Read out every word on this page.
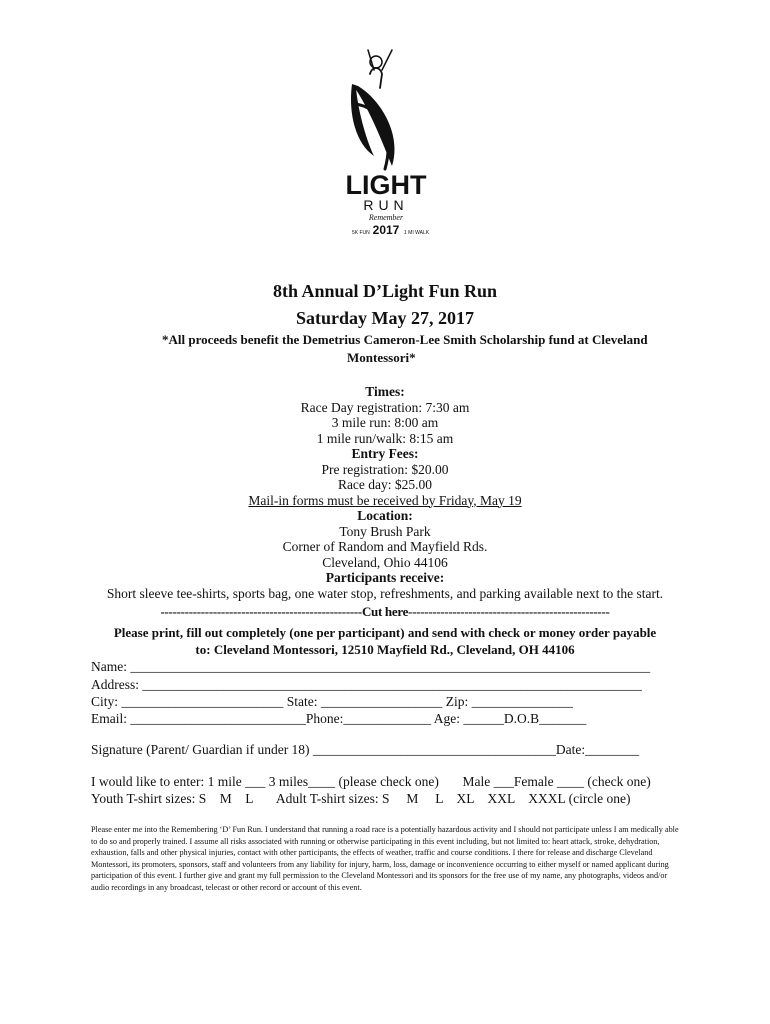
LIGHT
RUN
Remember
5K FUN 2017 1 MI WALK
8th Annual D’Light Fun Run
Saturday May 27, 2017
*All proceeds benefit the Demetrius Cameron-Lee Smith Scholarship fund at Cleveland
Montessori*
Times:
Race Day registration: 7:30 am
3 mile run: 8:00 am
1 mile run/walk: 8:15 am
Entry Fees:
Pre registration: $20.00
Race day: $25.00
Mail-in forms must be received by Friday, May 19
Location:
Tony Brush Park
Corner of Random and Mayfield Rds.
Cleveland, Ohio 44106
Participants receive:
Short sleeve tee-shirts, sports bag, one water stop, refreshments, and parking available next to the start.
--------------------------------------------------Cut here--------------------------------------------------
Please print, fill out completely (one per participant) and send with check or money order payable
to: Cleveland Montessori, 12510 Mayfield Rd., Cleveland, OH 44106
Name: _____________________________________________________________________________
Address: __________________________________________________________________________
City: ________________________ State: __________________ Zip: _______________
Email: __________________________Phone:_____________ Age: ______D.O.B_______
Signature (Parent/ Guardian if under 18) ____________________________________Date:________
I would like to enter: 1 mile ___ 3 miles____ (please check one)       Male ___Female ____ (check one)
Youth T-shirt sizes: S    M    L       Adult T-shirt sizes: S     M     L    XL    XXL    XXXL (circle one)
Please enter me into the Remembering ‘D’ Fun Run. I understand that running a road race is a potentially hazardous activity and I should not participate unless I am medically able to do so and properly trained. I assume all risks associated with running or otherwise participating in this event including, but not limited to: heart attack, stroke, dehydration, exhaustion, falls and other physical injuries, contact with other participants, the effects of weather, traffic and course conditions. I there for release and discharge Cleveland Montessori, its promoters, sponsors, staff and volunteers from any liability for injury, harm, loss, damage or inconvenience occurring to either myself or named applicant during participation of this event. I further give and grant my full permission to the Cleveland Montessori and its sponsors for the free use of my name, any photographs, videos and/or audio recordings in any broadcast, telecast or other record or account of this event.
